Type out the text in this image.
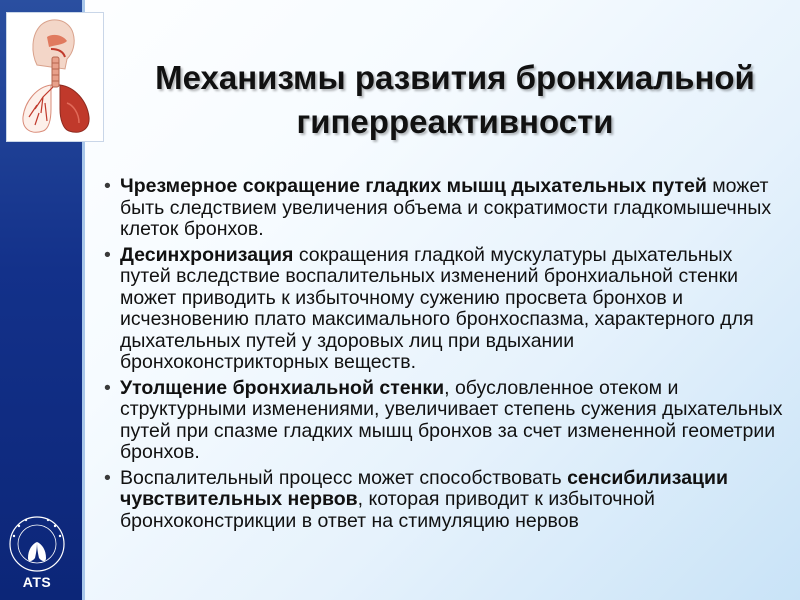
Механизмы развития бронхиальной гиперреактивности
• Чрезмерное сокращение гладких мышц дыхательных путей может быть следствием увеличения объема и сократимости гладкомышечных клеток бронхов.
• Десинхронизация сокращения гладкой мускулатуры дыхательных путей вследствие воспалительных изменений бронхиальной стенки может приводить к избыточному сужению просвета бронхов и исчезновению плато максимального бронхоспазма, характерного для дыхательных путей у здоровых лиц при вдыхании бронхоконстрикторных веществ.
• Утолщение бронхиальной стенки, обусловленное отеком и структурными изменениями, увеличивает степень сужения дыхательных путей при спазме гладких мышц бронхов за счет измененной геометрии бронхов.
• Воспалительный процесс может способствовать сенсибилизации чувствительных нервов, которая приводит к избыточной бронхоконстрикции в ответ на стимуляцию нервов
ATS
